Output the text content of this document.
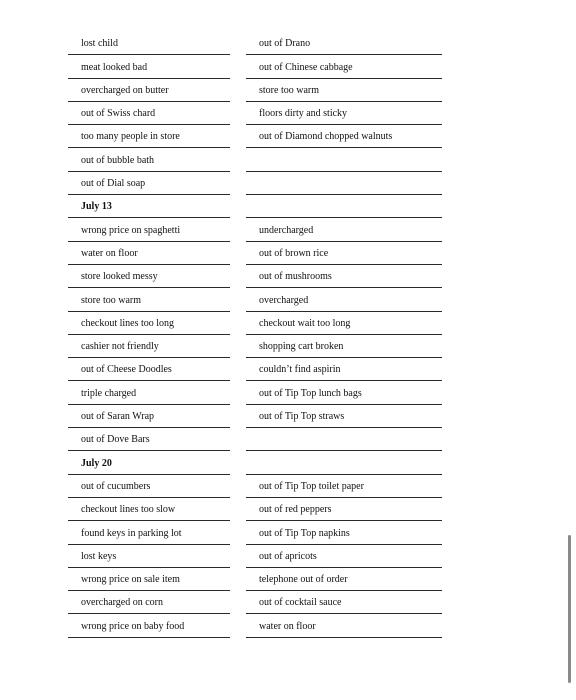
lost child	out of Drano
meat looked bad	out of Chinese cabbage
overcharged on butter	store too warm
out of Swiss chard	floors dirty and sticky
too many people in store	out of Diamond chopped walnuts
out of bubble bath
out of Dial soap
July 13
wrong price on spaghetti	undercharged
water on floor	out of brown rice
store looked messy	out of mushrooms
store too warm	overcharged
checkout lines too long	checkout wait too long
cashier not friendly	shopping cart broken
out of Cheese Doodles	couldn’t find aspirin
triple charged	out of Tip Top lunch bags
out of Saran Wrap	out of Tip Top straws
out of Dove Bars
July 20
out of cucumbers	out of Tip Top toilet paper
checkout lines too slow	out of red peppers
found keys in parking lot	out of Tip Top napkins
lost keys	out of apricots
wrong price on sale item	telephone out of order
overcharged on corn	out of cocktail sauce
wrong price on baby food	water on floor
